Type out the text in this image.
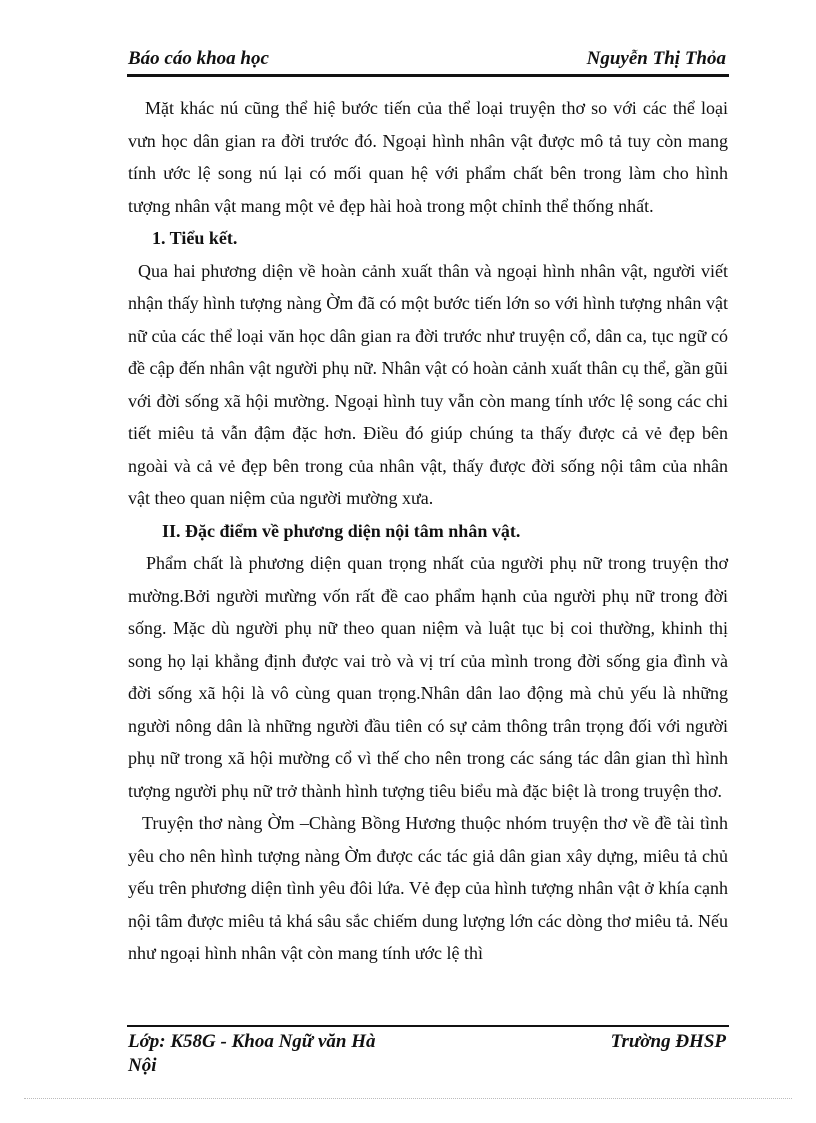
Báo cáo khoa học	Nguyễn Thị Thỏa

Mặt khác nú cũng thể hiệ bước tiến của thể loại truyện thơ so với các thể loại vưn học dân gian ra đời trước đó. Ngoại hình nhân vật được mô tả tuy còn mang tính ước lệ song nú lại có mối quan hệ với phẩm chất bên trong làm cho hình tượng nhân vật mang một vẻ đẹp hài hoà trong một chỉnh thể thống nhất.

1. Tiểu kết.

Qua hai phương diện về hoàn cảnh xuất thân và ngoại hình nhân vật, người viết nhận thấy hình tượng nàng Ờm đã có một bước tiến lớn so với hình tượng nhân vật nữ của các thể loại văn học dân gian ra đời trước như truyện cổ, dân ca, tục ngữ có đề cập đến nhân vật người phụ nữ. Nhân vật có hoàn cảnh xuất thân cụ thể, gần gũi với đời sống xã hội mường. Ngoại hình tuy vẫn còn mang tính ước lệ song các chi tiết miêu tả vẫn đậm đặc hơn. Điều đó giúp chúng ta thấy được cả vẻ đẹp bên ngoài và cả vẻ đẹp bên trong của nhân vật, thấy được đời sống nội tâm của nhân vật theo quan niệm của người mường xưa.

II. Đặc điểm về phương diện nội tâm nhân vật.

Phẩm chất là phương diện quan trọng nhất của người phụ nữ trong truyện thơ mường.Bởi người mưừng vốn rất đề cao phẩm hạnh của người phụ nữ trong đời sống. Mặc dù người phụ nữ theo quan niệm và luật tục bị coi thường, khinh thị song họ lại khẳng định được vai trò và vị trí của mình trong đời sống gia đình và đời sống xã hội là vô cùng quan trọng.Nhân dân lao động mà chủ yếu là những người nông dân là những người đầu tiên có sự cảm thông trân trọng đối với người phụ nữ trong xã hội mường cổ vì thế cho nên trong các sáng tác dân gian thì hình tượng người phụ nữ trở thành hình tượng tiêu biểu mà đặc biệt là trong truyện thơ.

Truyện thơ nàng Ờm –Chàng Bồng Hương thuộc nhóm truyện thơ về đề tài tình yêu cho nên hình tượng nàng Ờm được các tác giả dân gian xây dựng, miêu tả chủ yếu trên phương diện tình yêu đôi lứa. Vẻ đẹp của hình tượng nhân vật ở khía cạnh nội tâm được miêu tả khá sâu sắc chiếm dung lượng lớn các dòng thơ miêu tả. Nếu như ngoại hình nhân vật còn mang tính ước lệ thì

Lớp: K58G - Khoa Ngữ văn Hà Nội
Trường ĐHSP
